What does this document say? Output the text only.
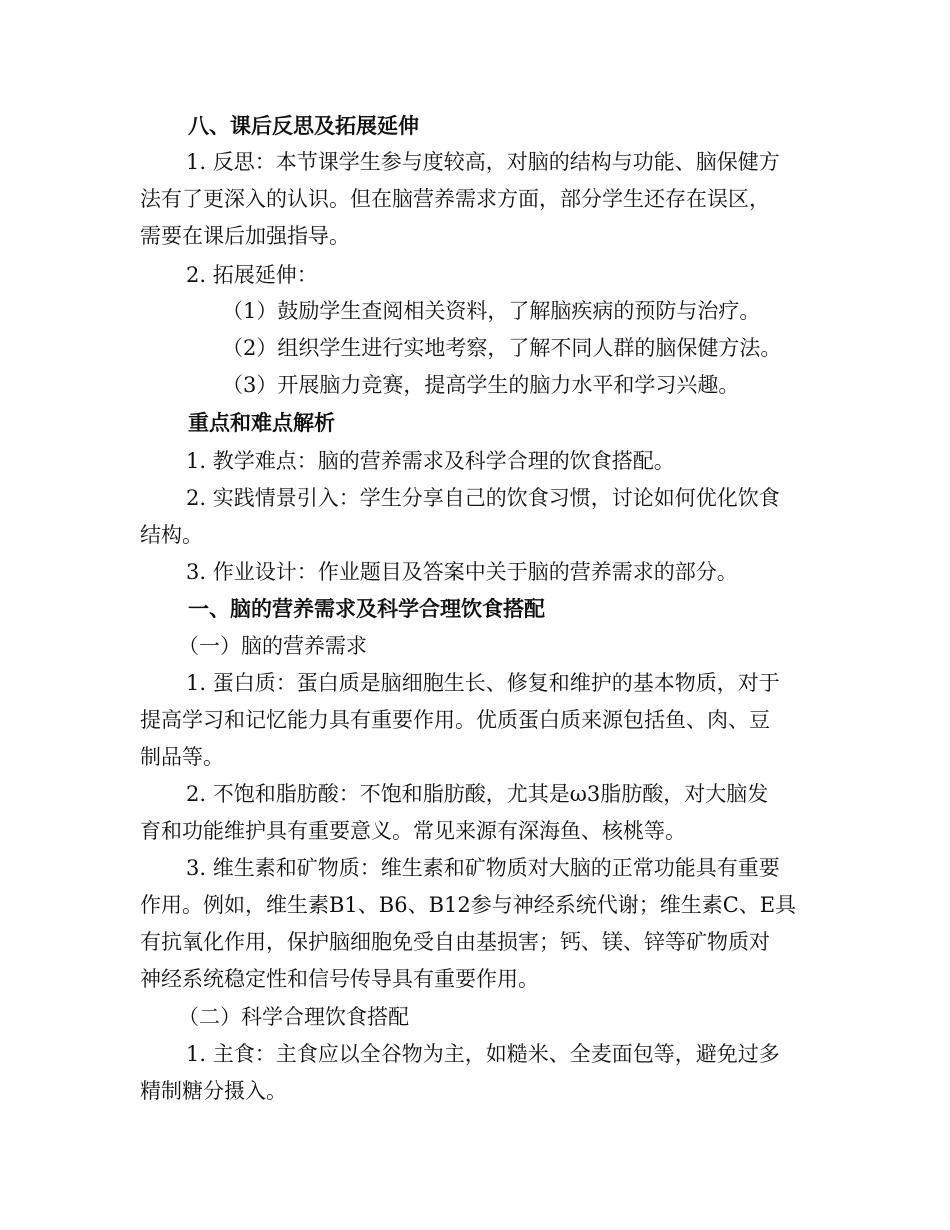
八、课后反思及拓展延伸
1. 反思：本节课学生参与度较高，对脑的结构与功能、脑保健方
法有了更深入的认识。但在脑营养需求方面，部分学生还存在误区，
需要在课后加强指导。
2. 拓展延伸：
（1）鼓励学生查阅相关资料，了解脑疾病的预防与治疗。
（2）组织学生进行实地考察，了解不同人群的脑保健方法。
（3）开展脑力竞赛，提高学生的脑力水平和学习兴趣。
重点和难点解析
1. 教学难点：脑的营养需求及科学合理的饮食搭配。
2. 实践情景引入：学生分享自己的饮食习惯，讨论如何优化饮食
结构。
3. 作业设计：作业题目及答案中关于脑的营养需求的部分。
一、脑的营养需求及科学合理饮食搭配
（一）脑的营养需求
1. 蛋白质：蛋白质是脑细胞生长、修复和维护的基本物质，对于
提高学习和记忆能力具有重要作用。优质蛋白质来源包括鱼、肉、豆
制品等。
2. 不饱和脂肪酸：不饱和脂肪酸，尤其是ω3脂肪酸，对大脑发
育和功能维护具有重要意义。常见来源有深海鱼、核桃等。
3. 维生素和矿物质：维生素和矿物质对大脑的正常功能具有重要
作用。例如，维生素B1、B6、B12参与神经系统代谢；维生素C、E具
有抗氧化作用，保护脑细胞免受自由基损害；钙、镁、锌等矿物质对
神经系统稳定性和信号传导具有重要作用。
（二）科学合理饮食搭配
1. 主食：主食应以全谷物为主，如糙米、全麦面包等，避免过多
精制糖分摄入。
